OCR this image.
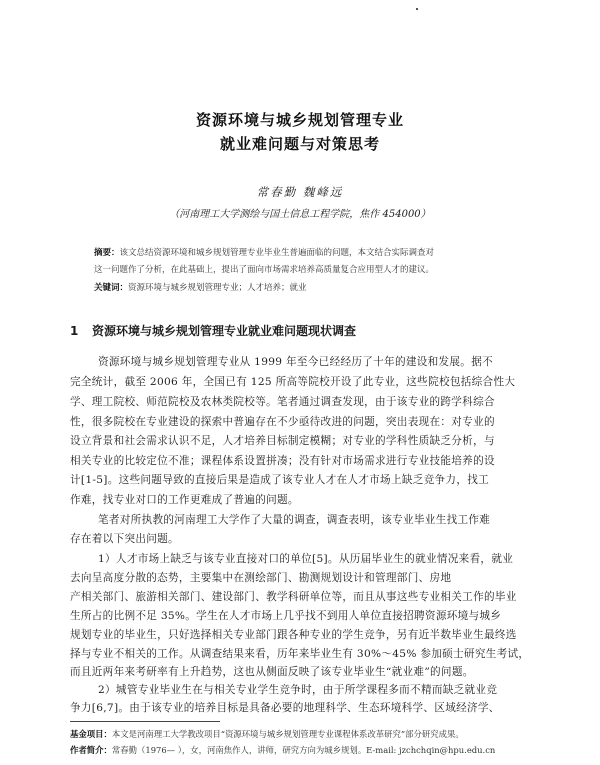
资源环境与城乡规划管理专业
就业难问题与对策思考
常春勤 魏峰远
（河南理工大学测绘与国土信息工程学院，焦作 454000）
摘要：该文总结资源环境和城乡规划管理专业毕业生普遍面临的问题，本文结合实际调查对
这一问题作了分析，在此基础上，提出了面向市场需求培养高质量复合应用型人才的建议。
关键词：资源环境与城乡规划管理专业；人才培养；就业
1 资源环境与城乡规划管理专业就业难问题现状调查
资源环境与城乡规划管理专业从 1999 年至今已经经历了十年的建设和发展。据不
完全统计，截至 2006 年，全国已有 125 所高等院校开设了此专业，这些院校包括综合性大
学、理工院校、师范院校及农林类院校等。笔者通过调查发现，由于该专业的跨学科综合
性，很多院校在专业建设的探索中普遍存在不少亟待改进的问题，突出表现在：对专业的
设立背景和社会需求认识不足，人才培养目标制定模糊；对专业的学科性质缺乏分析，与
相关专业的比较定位不准；课程体系设置拼凑；没有针对市场需求进行专业技能培养的设
计[1-5]。这些问题导致的直接后果是造成了该专业人才在人才市场上缺乏竞争力，找工
作难，找专业对口的工作更难成了普遍的问题。
笔者对所执教的河南理工大学作了大量的调查，调查表明，该专业毕业生找工作难
存在着以下突出问题。
1）人才市场上缺乏与该专业直接对口的单位[5]。从历届毕业生的就业情况来看，就业
去向呈高度分散的态势，主要集中在测绘部门、勘测规划设计和管理部门、房地
产相关部门、旅游相关部门、建设部门、教学科研单位等，而且从事这些专业相关工作的毕业
生所占的比例不足 35%。学生在人才市场上几乎找不到用人单位直接招聘资源环境与城乡
规划专业的毕业生，只好选择相关专业部门跟各种专业的学生竞争，另有近半数毕业生最终选
择与专业不相关的工作。从调查结果来看，历年来毕业生有 30%～45% 参加硕士研究生考试，
而且近两年来考研率有上升趋势，这也从侧面反映了该专业毕业生“就业难”的问题。
2）城管专业毕业生在与相关专业学生竞争时，由于所学课程多而不精而缺乏就业竞
争力[6,7]。由于该专业的培养目标是具备必要的地理科学、生态环境科学、区域经济学、
基金项目：本文是河南理工大学教改项目“资源环境与城乡规划管理专业课程体系改革研究”部分研究成果。
作者简介：常春勤（1976— ），女，河南焦作人，讲师，研究方向为城乡规划。E-mail: jzchchqin@hpu.edu.cn
